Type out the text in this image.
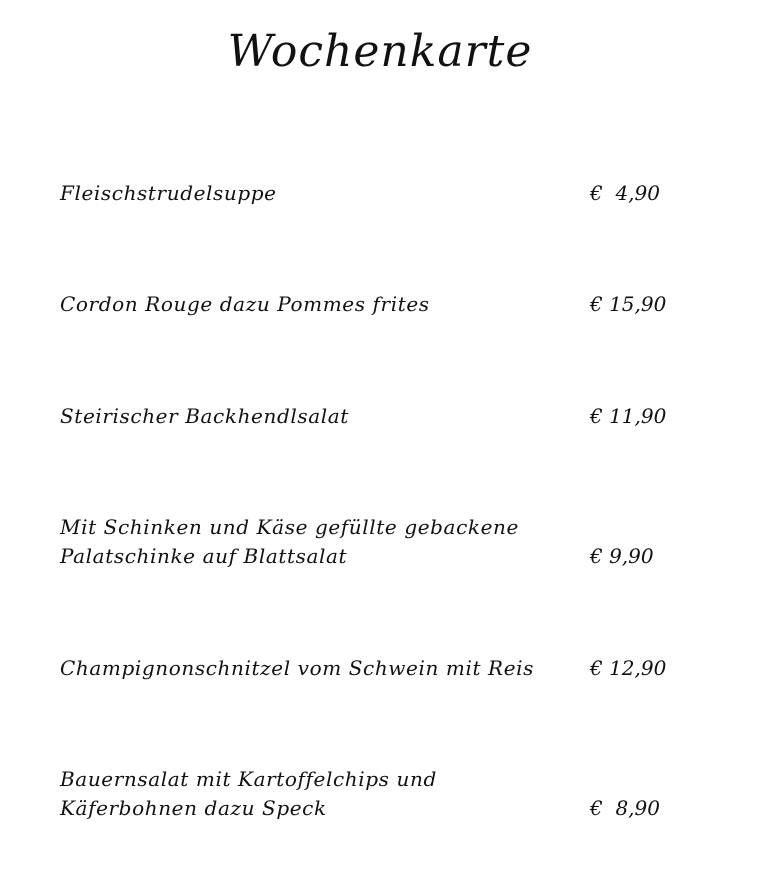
Wochenkarte
Fleischstrudelsuppe	€  4,90
Cordon Rouge dazu Pommes frites	€ 15,90
Steirischer Backhendlsalat	€ 11,90
Mit Schinken und Käse gefüllte gebackene
Palatschinke auf Blattsalat	€ 9,90
Champignonschnitzel vom Schwein mit Reis	€ 12,90
Bauernsalat mit Kartoffelchips und
Käferbohnen dazu Speck	€  8,90
